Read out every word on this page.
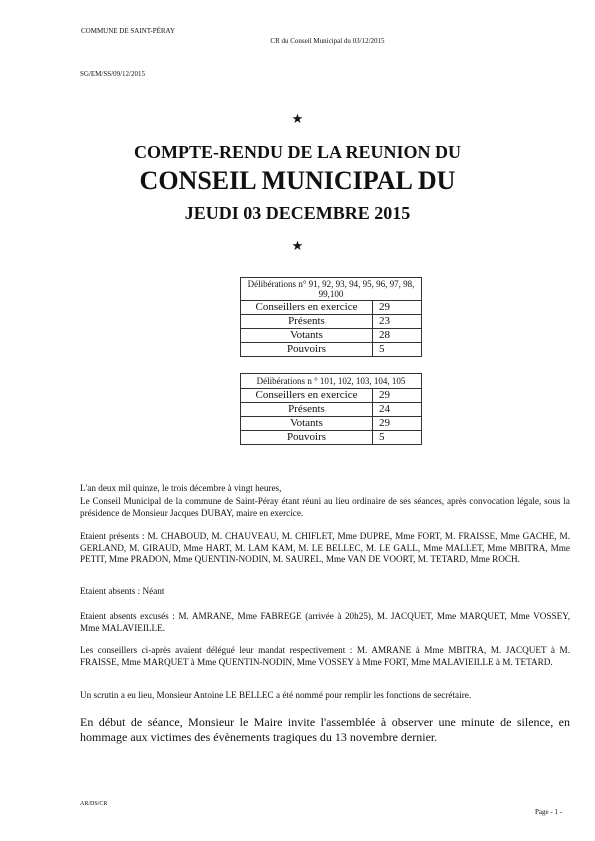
COMMUNE DE SAINT-PÉRAY
CR du Conseil Municipal du 03/12/2015
SG/EM/SS/09/12/2015
★
COMPTE-RENDU DE LA REUNION DU
CONSEIL MUNICIPAL DU
JEUDI 03 DECEMBRE 2015
★
Délibérations n° 91, 92, 93, 94, 95, 96, 97, 98, 99,100	
Conseillers en exercice	29
Présents	23
Votants	28
Pouvoirs	5
Délibérations n ° 101, 102, 103, 104, 105	
Conseillers en exercice	29
Présents	24
Votants	29
Pouvoirs	5
L'an deux mil quinze, le trois décembre à vingt heures,
Le Conseil Municipal de la commune de Saint-Péray étant réuni au lieu ordinaire de ses séances, après convocation légale, sous la présidence de Monsieur Jacques DUBAY, maire en exercice.
Etaient présents : M. CHABOUD, M. CHAUVEAU, M. CHIFLET, Mme DUPRE, Mme FORT, M. FRAISSE, Mme GACHE, M. GERLAND, M. GIRAUD, Mme HART, M. LAM KAM, M. LE BELLEC, M. LE GALL, Mme MALLET, Mme MBITRA, Mme PETIT, Mme PRADON, Mme QUENTIN-NODIN, M. SAUREL, Mme VAN DE VOORT, M. TETARD, Mme ROCH.
Etaient absents : Néant
Etaient absents excusés : M. AMRANE, Mme FABREGE (arrivée à 20h25), M. JACQUET, Mme MARQUET, Mme VOSSEY, Mme MALAVIEILLE.
Les conseillers ci-après avaient délégué leur mandat respectivement : M. AMRANE à Mme MBITRA, M. JACQUET à M. FRAISSE, Mme MARQUET à Mme QUENTIN-NODIN, Mme VOSSEY à Mme FORT, Mme MALAVIEILLE à M. TETARD.
Un scrutin a eu lieu, Monsieur Antoine LE BELLEC a été nommé pour remplir les fonctions de secrétaire.
En début de séance, Monsieur le Maire invite l'assemblée à observer une minute de silence, en hommage aux victimes des évènements tragiques du 13 novembre dernier.
AR/DS/CR
Page - 1 -
